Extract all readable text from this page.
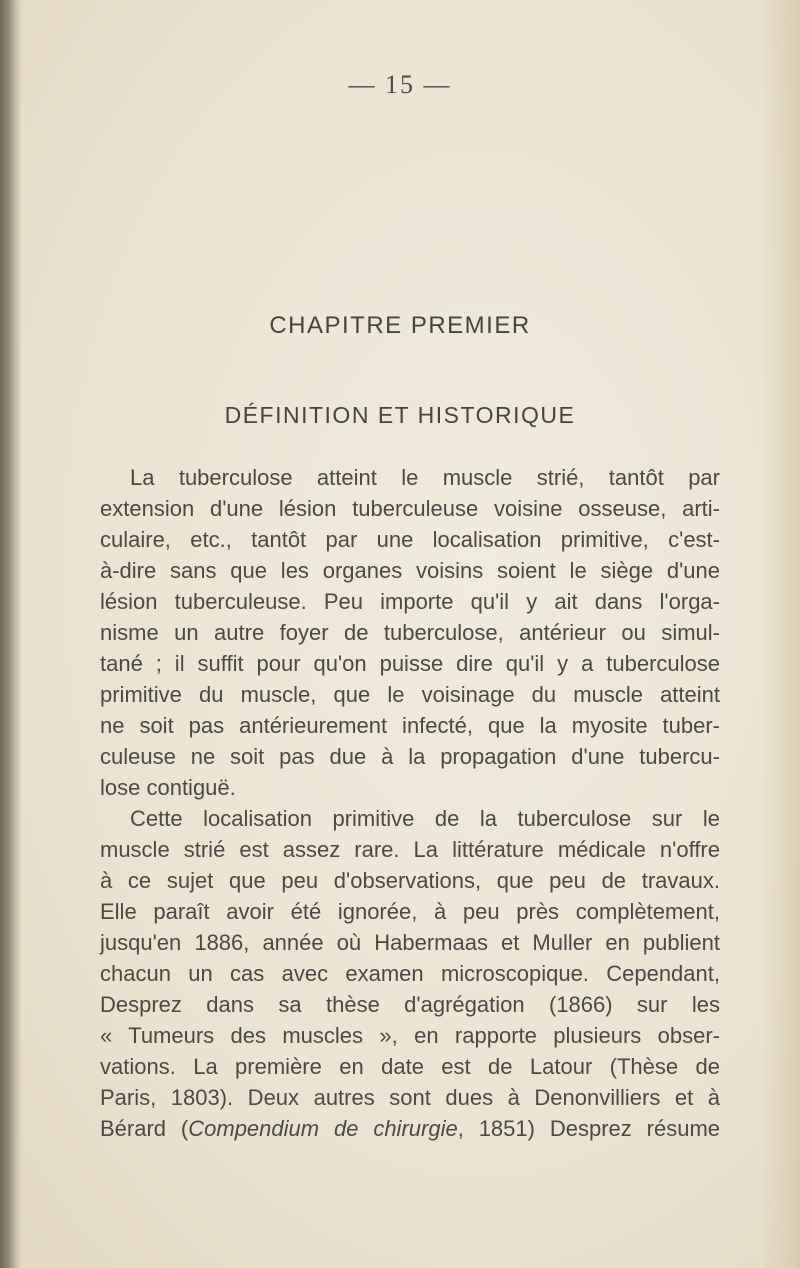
— 15 —
CHAPITRE PREMIER
DÉFINITION ET HISTORIQUE
La tuberculose atteint le muscle strié, tantôt par
extension d'une lésion tuberculeuse voisine osseuse, arti-
culaire, etc., tantôt par une localisation primitive, c'est-
à-dire sans que les organes voisins soient le siège d'une
lésion tuberculeuse. Peu importe qu'il y ait dans l'orga-
nisme un autre foyer de tuberculose, antérieur ou simul-
tané ; il suffit pour qu'on puisse dire qu'il y a tuberculose
primitive du muscle, que le voisinage du muscle atteint
ne soit pas antérieurement infecté, que la myosite tuber-
culeuse ne soit pas due à la propagation d'une tubercu-
lose contiguë.
Cette localisation primitive de la tuberculose sur le
muscle strié est assez rare. La littérature médicale n'offre
à ce sujet que peu d'observations, que peu de travaux.
Elle paraît avoir été ignorée, à peu près complètement,
jusqu'en 1886, année où Habermaas et Muller en publient
chacun un cas avec examen microscopique. Cependant,
Desprez dans sa thèse d'agrégation (1866) sur les
« Tumeurs des muscles », en rapporte plusieurs obser-
vations. La première en date est de Latour (Thèse de
Paris, 1803). Deux autres sont dues à Denonvilliers et à
Bérard (Compendium de chirurgie, 1851) Desprez résume
